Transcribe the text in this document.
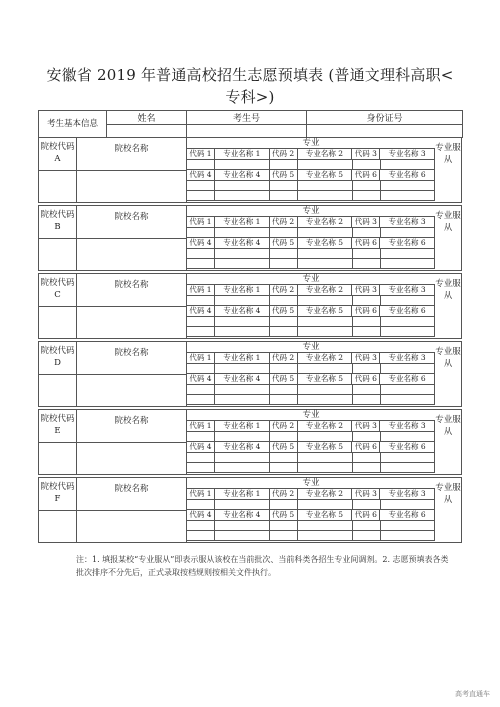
安徽省 2019 年普通高校招生志愿预填表 (普通文理科高职<专科>)
考生基本信息	姓名	考生号	身份证号

院校代码 A
院校名称
专业	专业服从
代码 1	专业名称 1	代码 2	专业名称 2	代码 3	专业名称 3
代码 4	专业名称 4	代码 5	专业名称 5	代码 6	专业名称 6
院校代码 B
院校名称
专业	专业服从
代码 1	专业名称 1	代码 2	专业名称 2	代码 3	专业名称 3
代码 4	专业名称 4	代码 5	专业名称 5	代码 6	专业名称 6
院校代码 C
院校名称
专业	专业服从
代码 1	专业名称 1	代码 2	专业名称 2	代码 3	专业名称 3
代码 4	专业名称 4	代码 5	专业名称 5	代码 6	专业名称 6
院校代码 D
院校名称
专业	专业服从
代码 1	专业名称 1	代码 2	专业名称 2	代码 3	专业名称 3
代码 4	专业名称 4	代码 5	专业名称 5	代码 6	专业名称 6
院校代码 E
院校名称
专业	专业服从
代码 1	专业名称 1	代码 2	专业名称 2	代码 3	专业名称 3
代码 4	专业名称 4	代码 5	专业名称 5	代码 6	专业名称 6
院校代码 F
院校名称
专业	专业服从
代码 1	专业名称 1	代码 2	专业名称 2	代码 3	专业名称 3
代码 4	专业名称 4	代码 5	专业名称 5	代码 6	专业名称 6
注：1. 填报某校“专业服从”即表示服从该校在当前批次、当前科类各招生专业间调剂。2. 志愿预填表各类批次排序不分先后，正式录取按档规则按相关文件执行。
高考直通车
